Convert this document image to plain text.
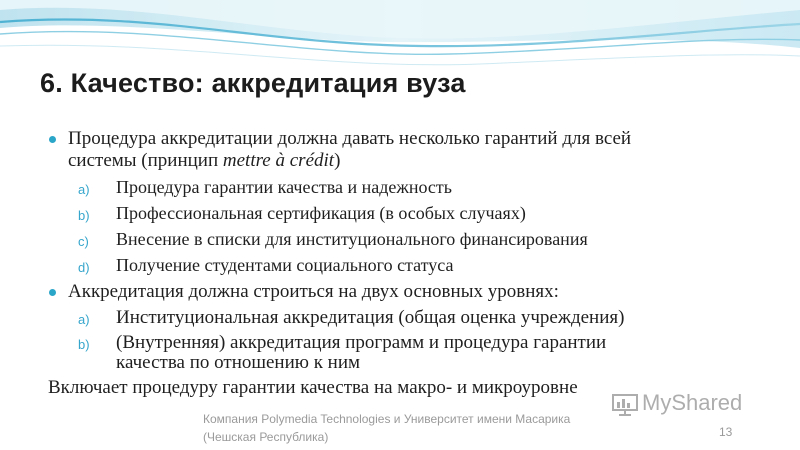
6. Качество: аккредитация вуза
Процедура аккредитации должна давать несколько гарантий для всей
системы (принцип mettre à crédit)
a) Процедура гарантии качества и надежность
b) Профессиональная сертификация (в особых случаях)
c) Внесение в списки для институционального финансирования
d) Получение студентами социального статуса
Аккредитация должна строиться на двух основных уровнях:
a) Институциональная аккредитация (общая оценка учреждения)
b) (Внутренняя) аккредитация программ и процедура гарантии
качества по отношению к ним
Включает процедуру гарантии качества на макро- и микроуровне
MyShared
Компания Polymedia Technologies и Университет имени Масарика
(Чешская Республика)	13
